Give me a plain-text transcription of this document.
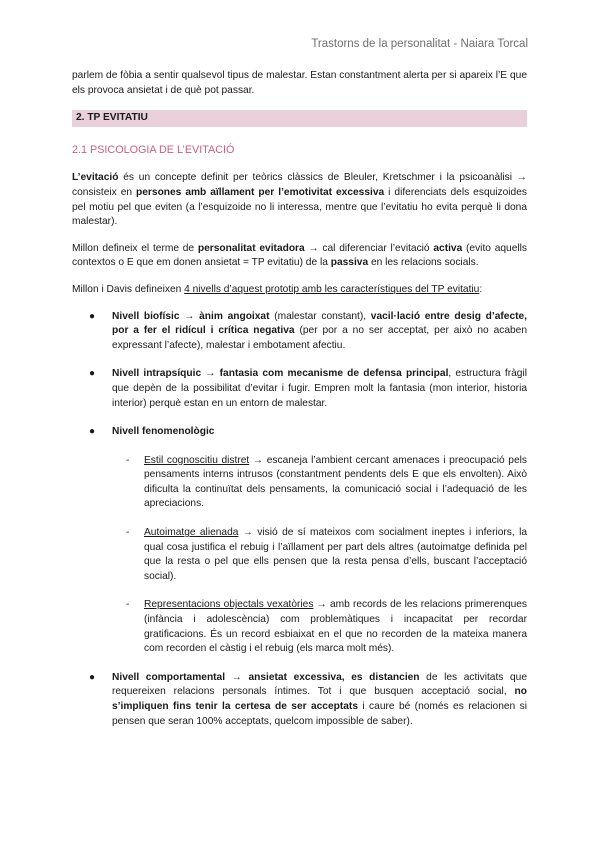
Trastorns de la personalitat - Naiara Torcal

parlem de fòbia a sentir qualsevol tipus de malestar. Estan constantment alerta per si apareix l’E que els provoca ansietat i de què pot passar.

2. TP EVITATIU
2.1 PSICOLOGIA DE L’EVITACIÓ

L’evitació és un concepte definit per teòrics clàssics de Bleuler, Kretschmer i la psicoanàlisi → consisteix en persones amb aïllament per l’emotivitat excessiva i diferenciats dels esquizoides pel motiu pel que eviten (a l’esquizoide no li interessa, mentre que l’evitatiu ho evita perquè li dona malestar).

Millon defineix el terme de personalitat evitadora → cal diferenciar l’evitació activa (evito aquells contextos o E que em donen ansietat = TP evitatiu) de la passiva en les relacions socials.

Millon i Davis defineixen 4 nivells d’aquest prototip amb les característiques del TP evitatiu:

● Nivell biofísic → ànim angoixat (malestar constant), vacil·lació entre desig d’afecte, por a fer el ridícul i crítica negativa (per por a no ser acceptat, per això no acaben expressant l’afecte), malestar i embotament afectiu.
● Nivell intrapsíquic → fantasia com mecanisme de defensa principal, estructura fràgil que depèn de la possibilitat d’evitar i fugir. Empren molt la fantasia (mon interior, historia interior) perquè estan en un entorn de malestar.
● Nivell fenomenològic
- Estil cognoscitiu distret → escaneja l’ambient cercant amenaces i preocupació pels pensaments interns intrusos (constantment pendents dels E que els envolten). Això dificulta la continuïtat dels pensaments, la comunicació social i l’adequació de les apreciacions.
- Autoimatge alienada → visió de sí mateixos com socialment ineptes i inferiors, la qual cosa justifica el rebuig i l’aïllament per part dels altres (autoimatge definida pel que la resta o pel que ells pensen que la resta pensa d’ells, buscant l’acceptació social).
- Representacions objectals vexatòries → amb records de les relacions primerenques (infància i adolescència) com problemàtiques i incapacitat per recordar gratificacions. És un record esbiaixat en el que no recorden de la mateixa manera com recorden el càstig i el rebuig (els marca molt més).
● Nivell comportamental → ansietat excessiva, es distancien de les activitats que requereixen relacions personals íntimes. Tot i que busquen acceptació social, no s’impliquen fins tenir la certesa de ser acceptats i caure bé (només es relacionen si pensen que seran 100% acceptats, quelcom impossible de saber).
